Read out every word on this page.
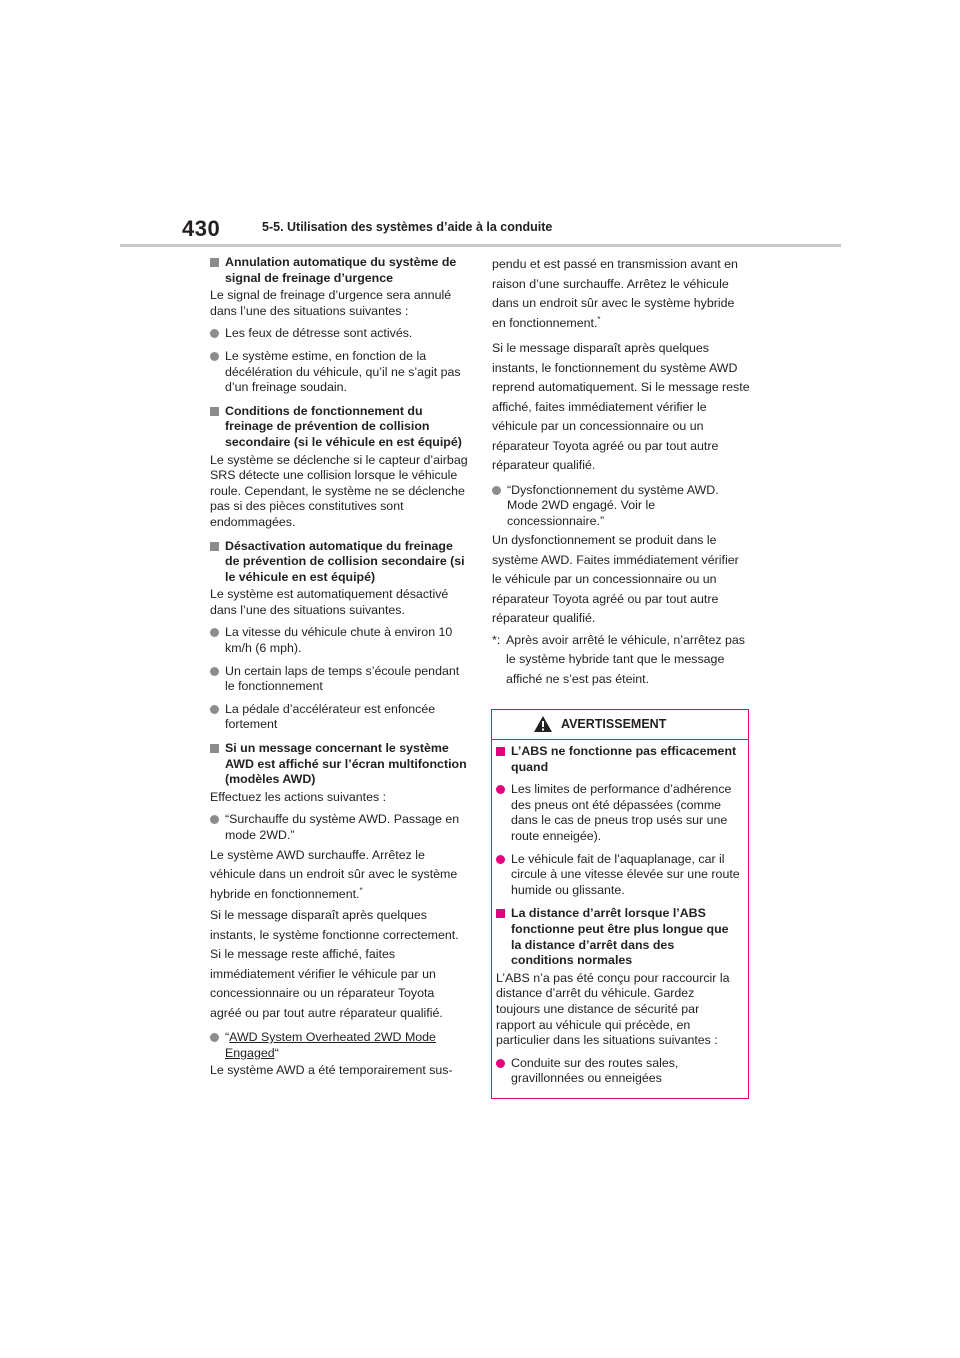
430	5-5. Utilisation des systèmes d’aide à la conduite
Annulation automatique du système de signal de freinage d’urgence
Le signal de freinage d’urgence sera annulé dans l’une des situations suivantes :
Les feux de détresse sont activés.
Le système estime, en fonction de la décélération du véhicule, qu’il ne s’agit pas d’un freinage soudain.
Conditions de fonctionnement du freinage de prévention de collision secondaire (si le véhicule en est équipé)
Le système se déclenche si le capteur d’airbag SRS détecte une collision lorsque le véhicule roule. Cependant, le système ne se déclenche pas si des pièces constitutives sont endommagées.
Désactivation automatique du freinage de prévention de collision secondaire (si le véhicule en est équipé)
Le système est automatiquement désactivé dans l’une des situations suivantes.
La vitesse du véhicule chute à environ 10 km/h (6 mph).
Un certain laps de temps s’écoule pendant le fonctionnement
La pédale d’accélérateur est enfoncée fortement
Si un message concernant le système AWD est affiché sur l’écran multifonction (modèles AWD)
Effectuez les actions suivantes :
“Surchauffe du système AWD. Passage en mode 2WD.”
Le système AWD surchauffe. Arrêtez le véhicule dans un endroit sûr avec le système hybride en fonctionnement.*
Si le message disparaît après quelques instants, le système fonctionne correctement. Si le message reste affiché, faites immédiatement vérifier le véhicule par un concessionnaire ou un réparateur Toyota agréé ou par tout autre réparateur qualifié.
“AWD System Overheated 2WD Mode Engaged“
Le système AWD a été temporairement sus-
pendu et est passé en transmission avant en raison d’une surchauffe. Arrêtez le véhicule dans un endroit sûr avec le système hybride en fonctionnement.*
Si le message disparaît après quelques instants, le fonctionnement du système AWD reprend automatiquement. Si le message reste affiché, faites immédiatement vérifier le véhicule par un concessionnaire ou un réparateur Toyota agréé ou par tout autre réparateur qualifié.
“Dysfonctionnement du système AWD. Mode 2WD engagé. Voir le concessionnaire.”
Un dysfonctionnement se produit dans le système AWD. Faites immédiatement vérifier le véhicule par un concessionnaire ou un réparateur Toyota agréé ou par tout autre réparateur qualifié.
*: Après avoir arrêté le véhicule, n’arrêtez pas le système hybride tant que le message affiché ne s’est pas éteint.
AVERTISSEMENT
L’ABS ne fonctionne pas efficacement quand
Les limites de performance d’adhérence des pneus ont été dépassées (comme dans le cas de pneus trop usés sur une route enneigée).
Le véhicule fait de l’aquaplanage, car il circule à une vitesse élevée sur une route humide ou glissante.
La distance d’arrêt lorsque l’ABS fonctionne peut être plus longue que la distance d’arrêt dans des conditions normales
L’ABS n’a pas été conçu pour raccourcir la distance d’arrêt du véhicule. Gardez toujours une distance de sécurité par rapport au véhicule qui précède, en particulier dans les situations suivantes :
Conduite sur des routes sales, gravillonnées ou enneigées
